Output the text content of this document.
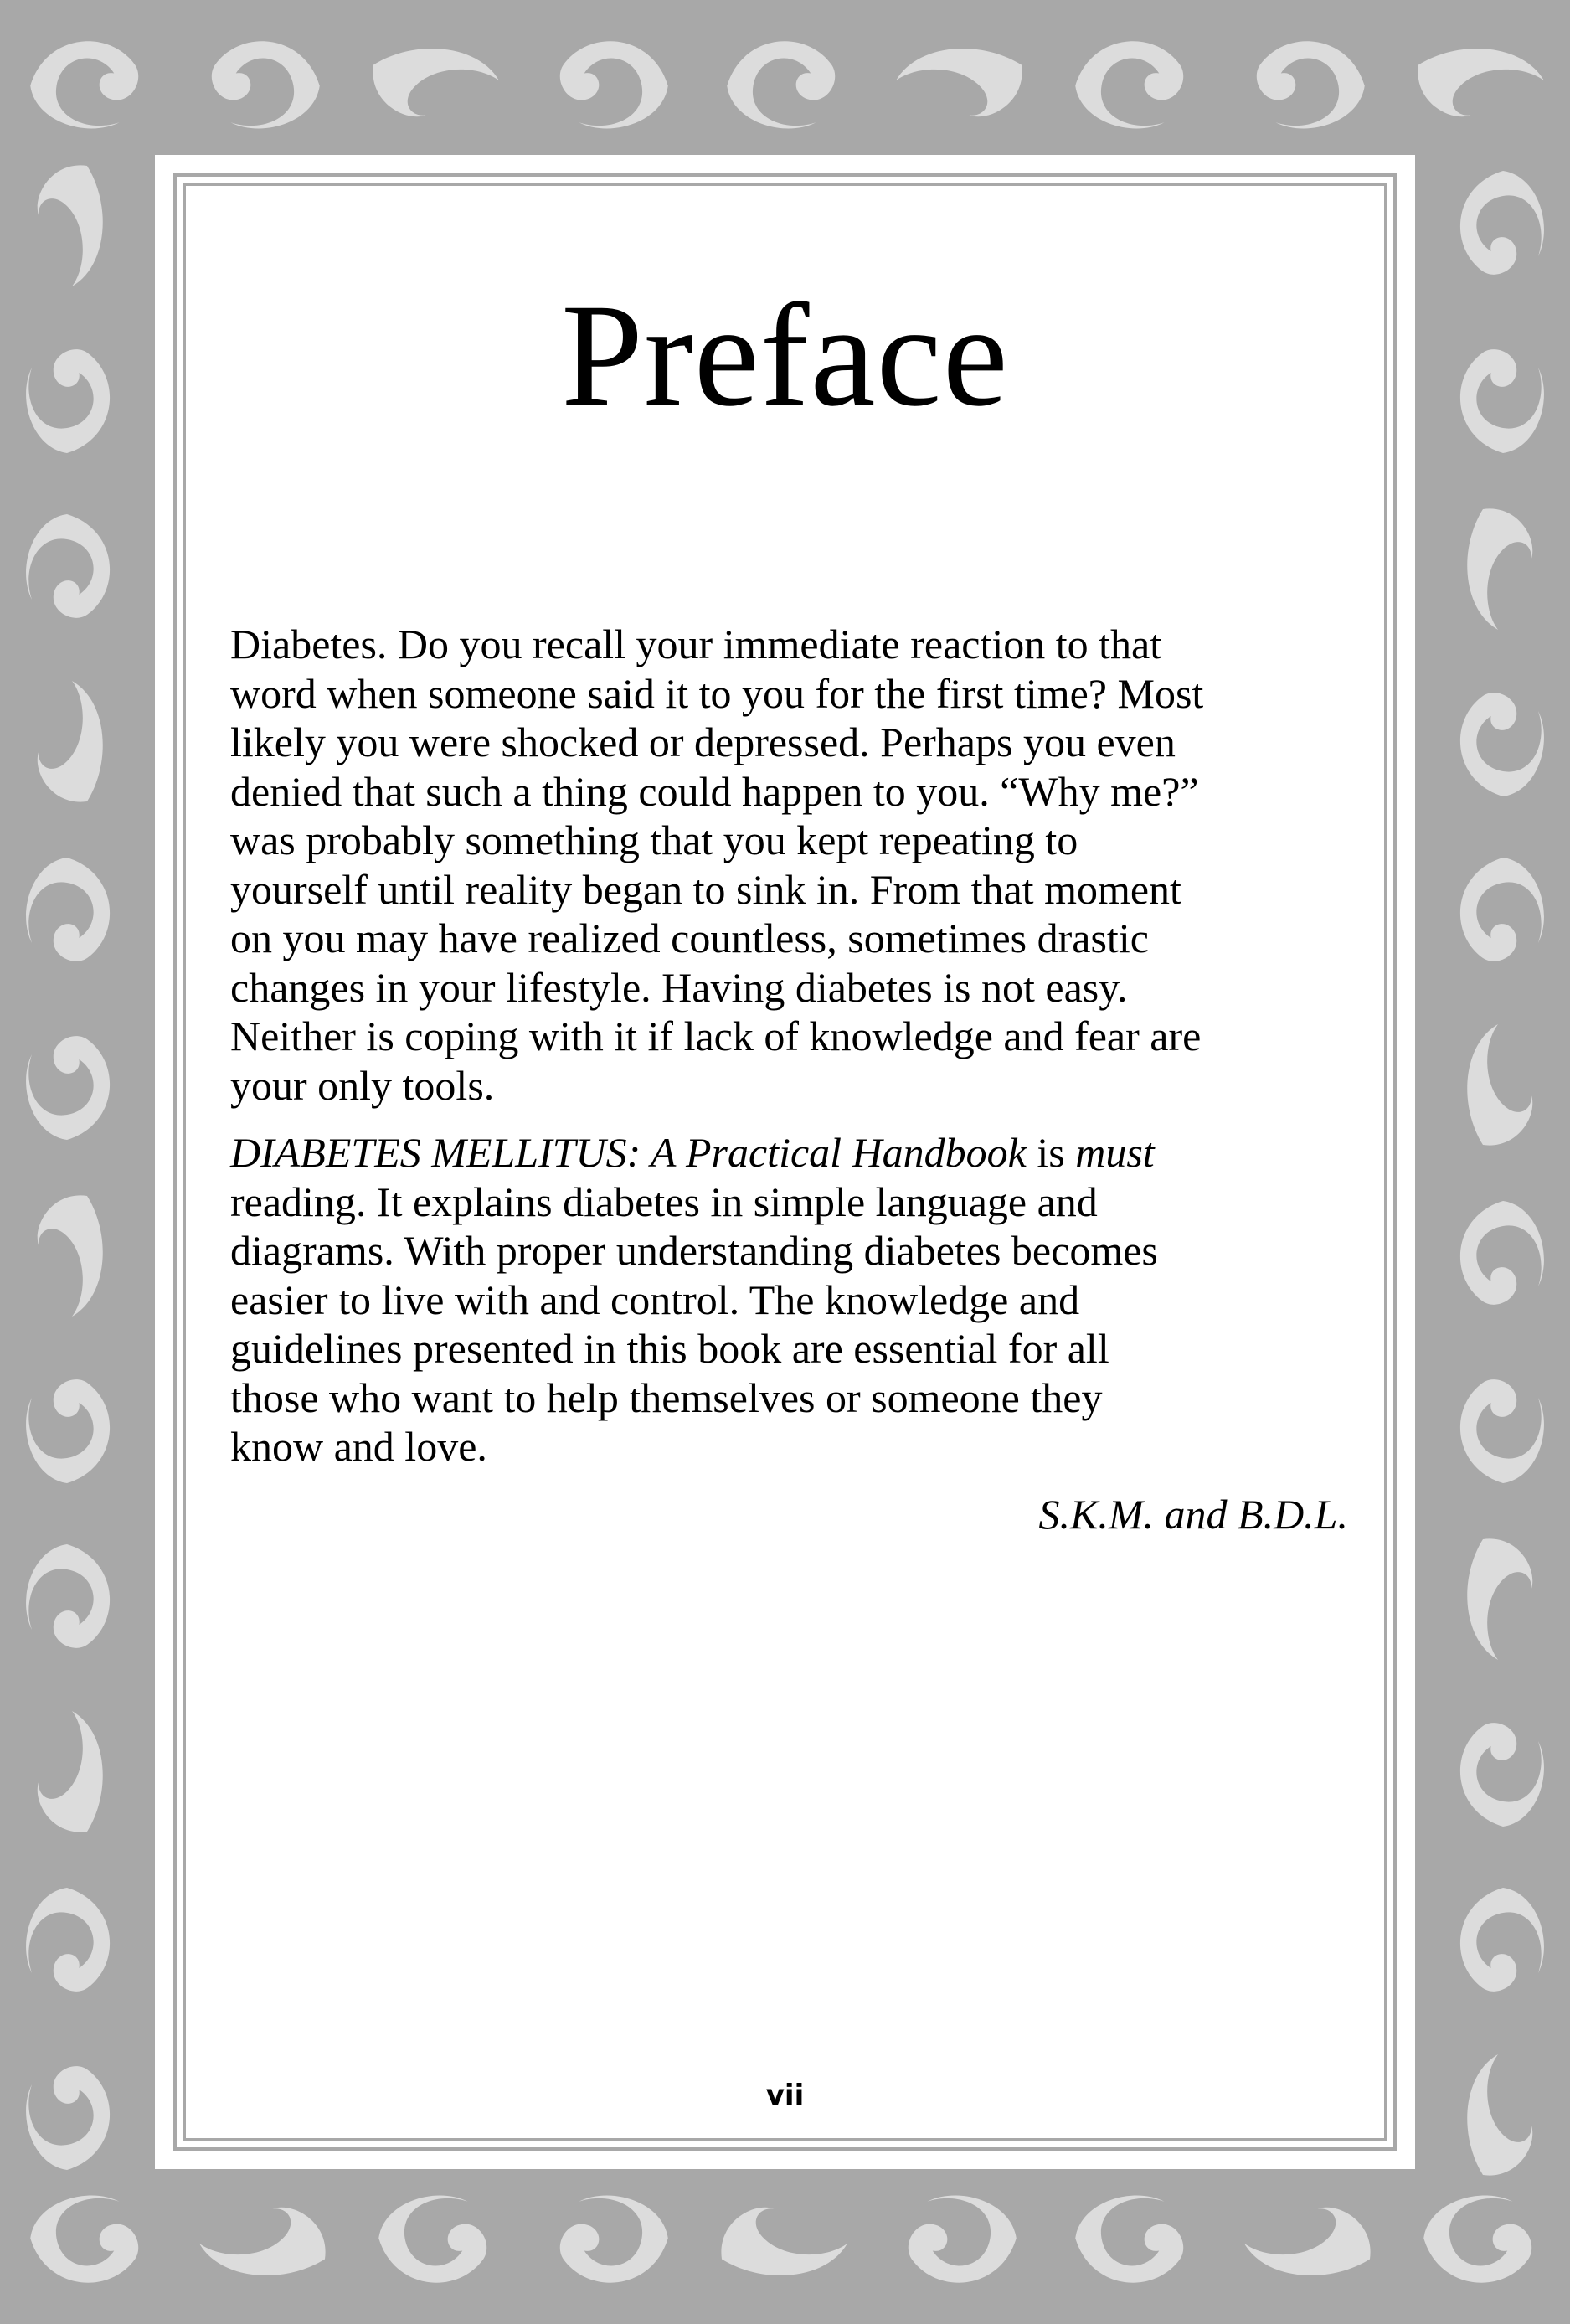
Preface

Diabetes. Do you recall your immediate reaction to that
word when someone said it to you for the first time? Most
likely you were shocked or depressed. Perhaps you even
denied that such a thing could happen to you. “Why me?”
was probably something that you kept repeating to
yourself until reality began to sink in. From that moment
on you may have realized countless, sometimes drastic
changes in your lifestyle. Having diabetes is not easy.
Neither is coping with it if lack of knowledge and fear are
your only tools.

DIABETES MELLITUS: A Practical Handbook is must
reading. It explains diabetes in simple language and
diagrams. With proper understanding diabetes becomes
easier to live with and control. The knowledge and
guidelines presented in this book are essential for all
those who want to help themselves or someone they
know and love.

S.K.M. and B.D.L.
vii
